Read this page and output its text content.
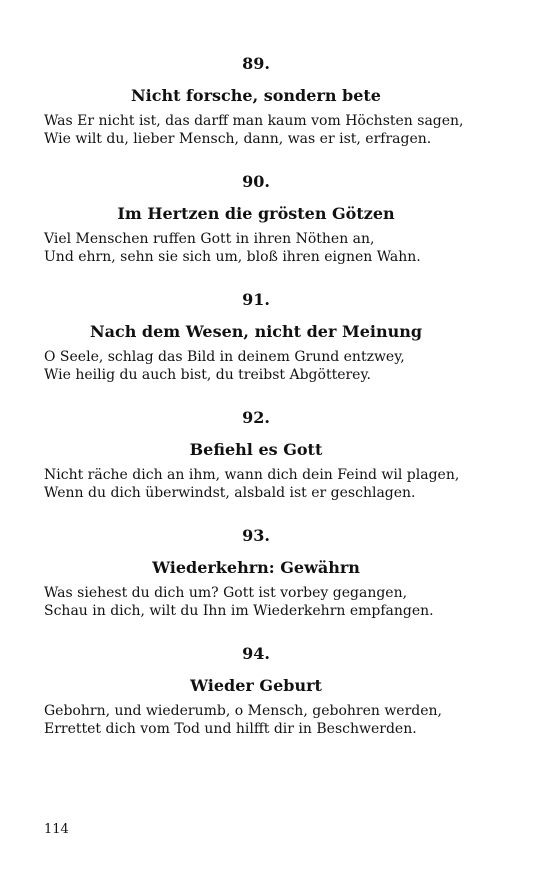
89.
Nicht forsche, sondern bete
Was Er nicht ist, das darff man kaum vom Höchsten sagen,
Wie wilt du, lieber Mensch, dann, was er ist, erfragen.
90.
Im Hertzen die grösten Götzen
Viel Menschen ruffen Gott in ihren Nöthen an,
Und ehrn, sehn sie sich um, bloß ihren eignen Wahn.
91.
Nach dem Wesen, nicht der Meinung
O Seele, schlag das Bild in deinem Grund entzwey,
Wie heilig du auch bist, du treibst Abgötterey.
92.
Befiehl es Gott
Nicht räche dich an ihm, wann dich dein Feind wil plagen,
Wenn du dich überwindst, alsbald ist er geschlagen.
93.
Wiederkehrn: Gewährn
Was siehest du dich um? Gott ist vorbey gegangen,
Schau in dich, wilt du Ihn im Wiederkehrn empfangen.
94.
Wieder Geburt
Gebohrn, und wiederumb, o Mensch, gebohren werden,
Errettet dich vom Tod und hilfft dir in Beschwerden.
114
